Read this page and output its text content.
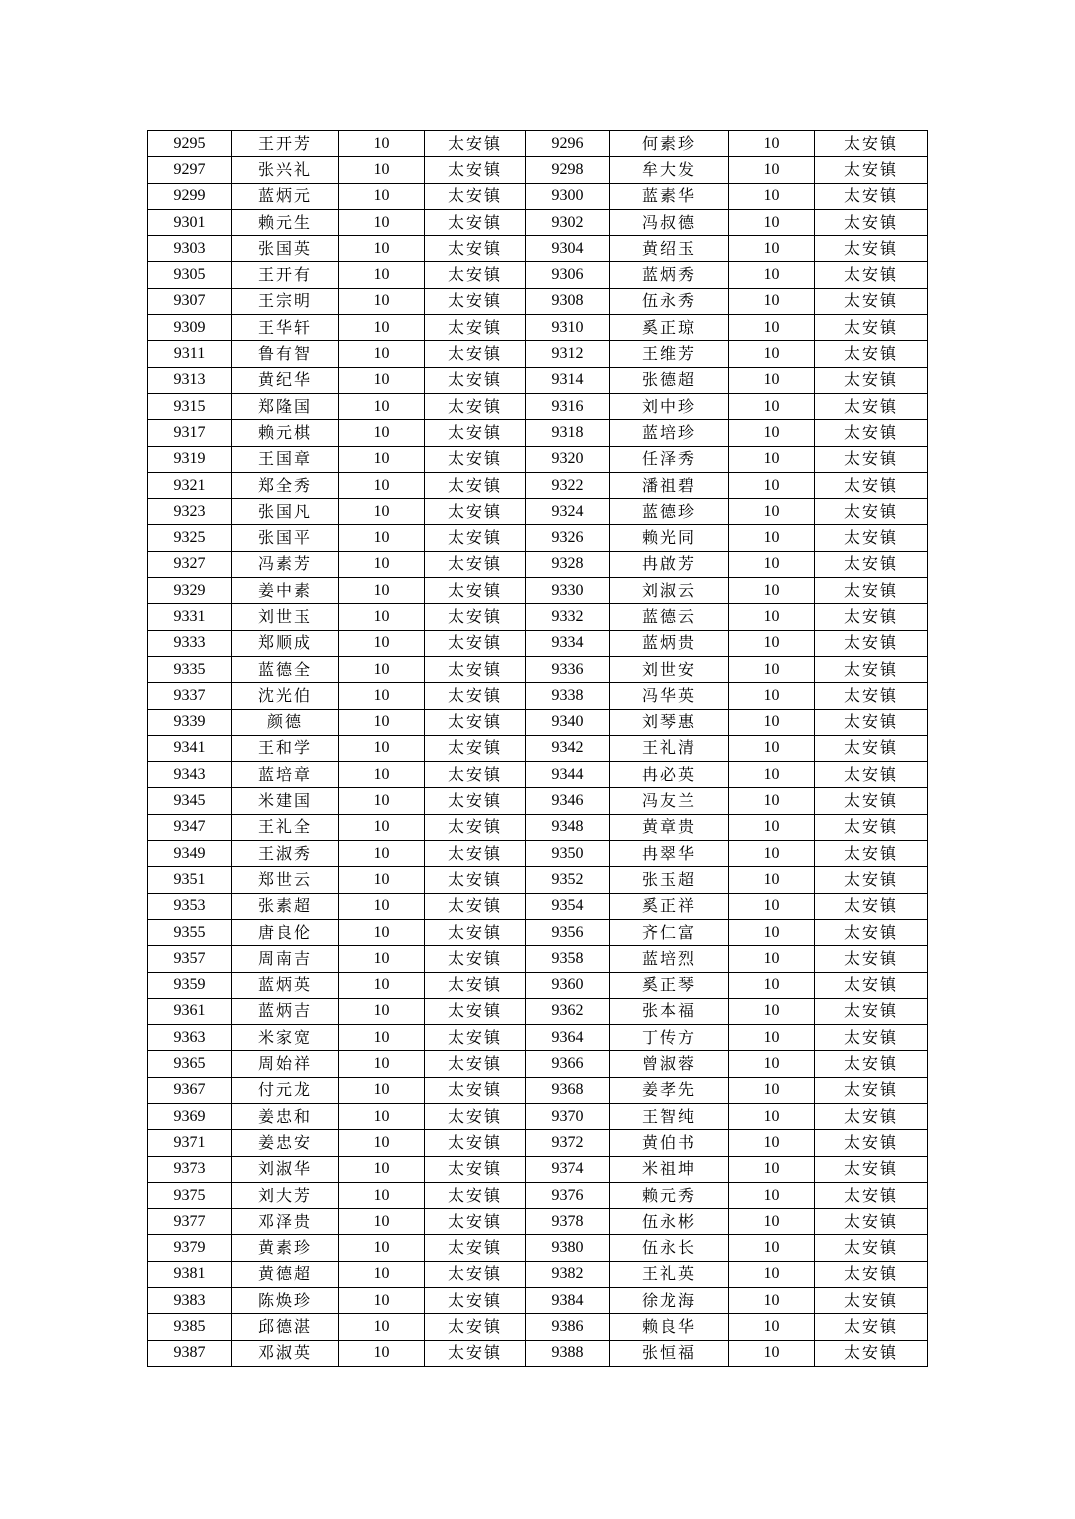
9295	王开芳	10	太安镇	9296	何素珍	10	太安镇
9297	张兴礼	10	太安镇	9298	牟大发	10	太安镇
9299	蓝炳元	10	太安镇	9300	蓝素华	10	太安镇
9301	赖元生	10	太安镇	9302	冯叔德	10	太安镇
9303	张国英	10	太安镇	9304	黄绍玉	10	太安镇
9305	王开有	10	太安镇	9306	蓝炳秀	10	太安镇
9307	王宗明	10	太安镇	9308	伍永秀	10	太安镇
9309	王华轩	10	太安镇	9310	奚正琼	10	太安镇
9311	鲁有智	10	太安镇	9312	王维芳	10	太安镇
9313	黄纪华	10	太安镇	9314	张德超	10	太安镇
9315	郑隆国	10	太安镇	9316	刘中珍	10	太安镇
9317	赖元棋	10	太安镇	9318	蓝培珍	10	太安镇
9319	王国章	10	太安镇	9320	任泽秀	10	太安镇
9321	郑全秀	10	太安镇	9322	潘祖碧	10	太安镇
9323	张国凡	10	太安镇	9324	蓝德珍	10	太安镇
9325	张国平	10	太安镇	9326	赖光同	10	太安镇
9327	冯素芳	10	太安镇	9328	冉啟芳	10	太安镇
9329	姜中素	10	太安镇	9330	刘淑云	10	太安镇
9331	刘世玉	10	太安镇	9332	蓝德云	10	太安镇
9333	郑顺成	10	太安镇	9334	蓝炳贵	10	太安镇
9335	蓝德全	10	太安镇	9336	刘世安	10	太安镇
9337	沈光伯	10	太安镇	9338	冯华英	10	太安镇
9339	颜德	10	太安镇	9340	刘琴惠	10	太安镇
9341	王和学	10	太安镇	9342	王礼清	10	太安镇
9343	蓝培章	10	太安镇	9344	冉必英	10	太安镇
9345	米建国	10	太安镇	9346	冯友兰	10	太安镇
9347	王礼全	10	太安镇	9348	黄章贵	10	太安镇
9349	王淑秀	10	太安镇	9350	冉翠华	10	太安镇
9351	郑世云	10	太安镇	9352	张玉超	10	太安镇
9353	张素超	10	太安镇	9354	奚正祥	10	太安镇
9355	唐良伦	10	太安镇	9356	齐仁富	10	太安镇
9357	周南吉	10	太安镇	9358	蓝培烈	10	太安镇
9359	蓝炳英	10	太安镇	9360	奚正琴	10	太安镇
9361	蓝炳吉	10	太安镇	9362	张本福	10	太安镇
9363	米家宽	10	太安镇	9364	丁传方	10	太安镇
9365	周始祥	10	太安镇	9366	曾淑蓉	10	太安镇
9367	付元龙	10	太安镇	9368	姜孝先	10	太安镇
9369	姜忠和	10	太安镇	9370	王智纯	10	太安镇
9371	姜忠安	10	太安镇	9372	黄伯书	10	太安镇
9373	刘淑华	10	太安镇	9374	米祖坤	10	太安镇
9375	刘大芳	10	太安镇	9376	赖元秀	10	太安镇
9377	邓泽贵	10	太安镇	9378	伍永彬	10	太安镇
9379	黄素珍	10	太安镇	9380	伍永长	10	太安镇
9381	黄德超	10	太安镇	9382	王礼英	10	太安镇
9383	陈焕珍	10	太安镇	9384	徐龙海	10	太安镇
9385	邱德湛	10	太安镇	9386	赖良华	10	太安镇
9387	邓淑英	10	太安镇	9388	张恒福	10	太安镇
